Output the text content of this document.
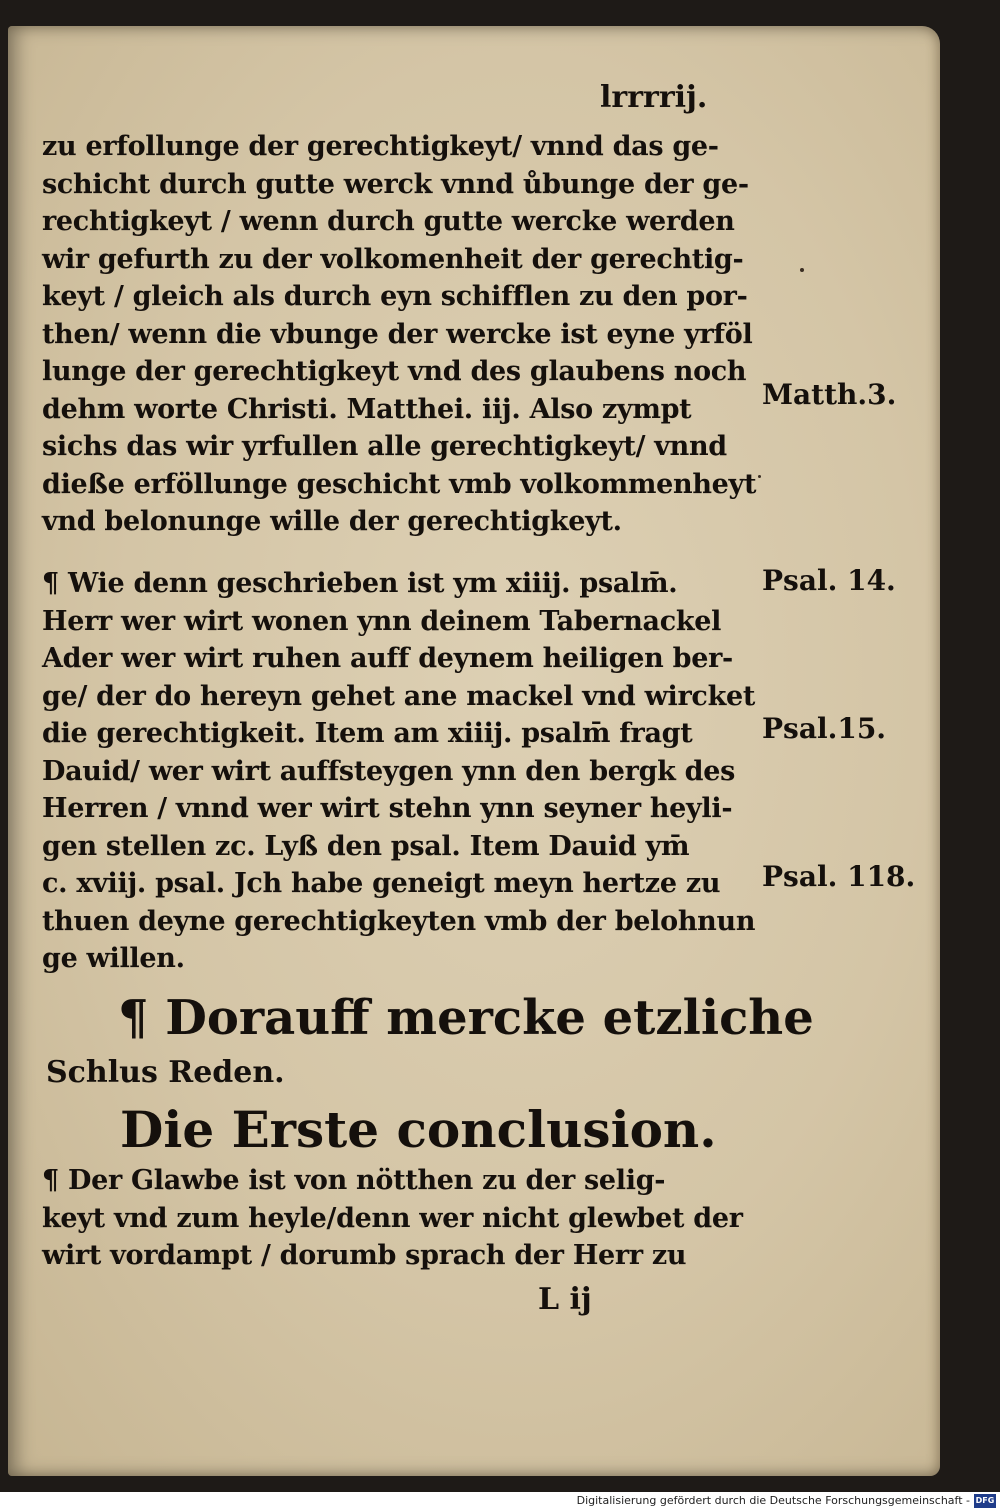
lrrrrij.
zu erfollunge der gerechtigkeyt/ vnnd das ge-
schicht durch gutte werck vnnd ůbunge der ge-
rechtigkeyt / wenn durch gutte wercke werden
wir gefurth zu der volkomenheit der gerechtig-
keyt / gleich als durch eyn schifflen zu den por-
then/ wenn die vbunge der wercke ist eyne yrföl
lunge der gerechtigkeyt vnd des glaubens noch
dehm worte Christi. Matthei. iij. Also zympt
sichs das wir yrfullen alle gerechtigkeyt/ vnnd
dieße erföllunge geschicht vmb volkommenheyt
vnd belonunge wille der gerechtigkeyt.
¶ Wie denn geschrieben ist ym xiiij. psalm̄.
Herr wer wirt wonen ynn deinem Tabernackel
Ader wer wirt ruhen auff deynem heiligen ber-
ge/ der do hereyn gehet ane mackel vnd wircket
die gerechtigkeit. Item am xiiij. psalm̄ fragt
Dauid/ wer wirt auffsteygen ynn den bergk des
Herren / vnnd wer wirt stehn ynn seyner heyli-
gen stellen zc. Lyß den psal. Item Dauid ym̄
c. xviij. psal. Jch habe geneigt meyn hertze zu
thuen deyne gerechtigkeyten vmb der belohnun
ge willen.
¶ Dorauff mercke etzliche
Schlus Reden.
Die Erste conclusion.
¶ Der Glawbe ist von nötthen zu der selig-
keyt vnd zum heyle/denn wer nicht glewbet der
wirt vordampt / dorumb sprach der Herr zu
L ij
Matth.3.
Psal. 14.
Psal.15.
Psal. 118.
Digitalisierung gefördert durch die Deutsche Forschungsgemeinschaft - DFG
